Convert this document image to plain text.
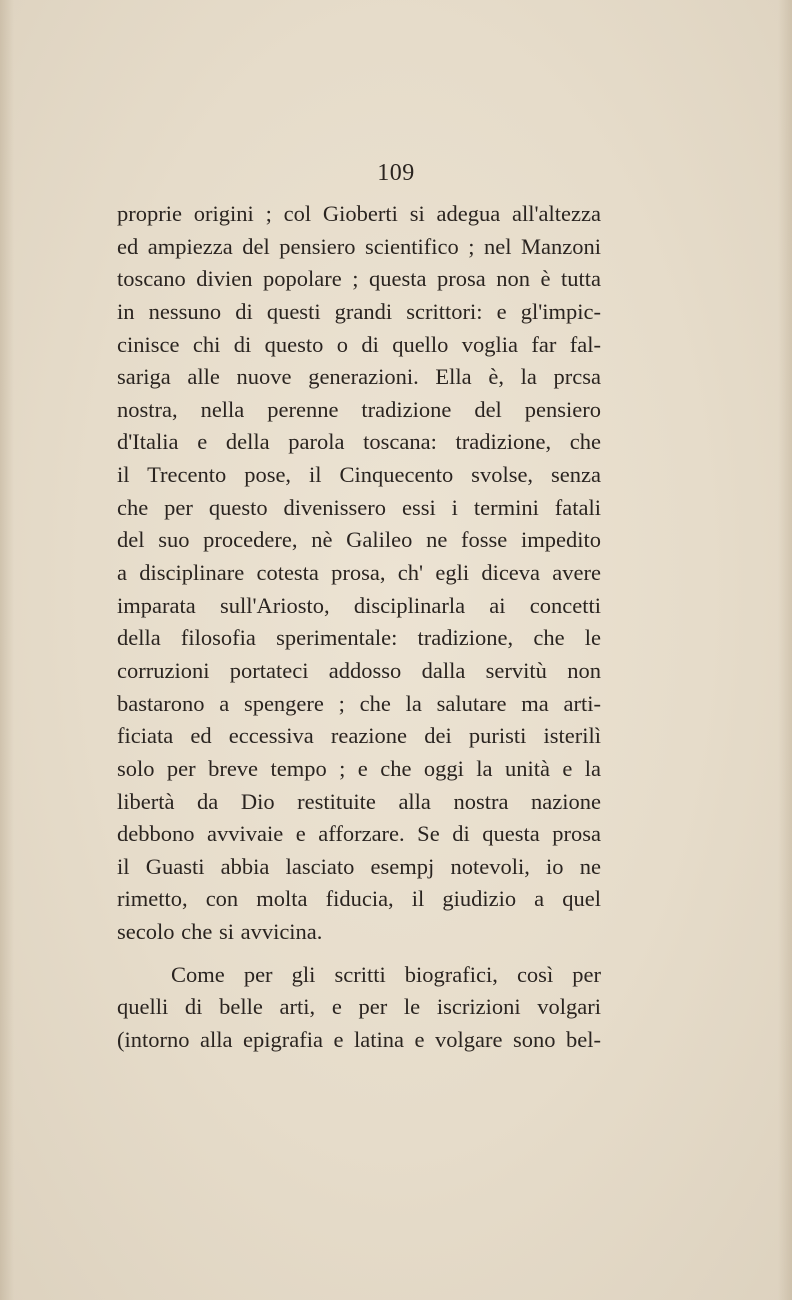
109
proprie origini ; col Gioberti si adegua all'altezza
ed ampiezza del pensiero scientifico ; nel Manzoni
toscano divien popolare ; questa prosa non è tutta
in nessuno di questi grandi scrittori: e gl'impic-
cinisce chi di questo o di quello voglia far fal-
sariga alle nuove generazioni. Ella è, la prcsa
nostra, nella perenne tradizione del pensiero
d'Italia e della parola toscana: tradizione, che
il Trecento pose, il Cinquecento svolse, senza
che per questo divenissero essi i termini fatali
del suo procedere, nè Galileo ne fosse impedito
a disciplinare cotesta prosa, ch' egli diceva avere
imparata sull'Ariosto, disciplinarla ai concetti
della filosofia sperimentale: tradizione, che le
corruzioni portateci addosso dalla servitù non
bastarono a spengere ; che la salutare ma arti-
ficiata ed eccessiva reazione dei puristi isterilì
solo per breve tempo ; e che oggi la unità e la
libertà da Dio restituite alla nostra nazione
debbono avvivaie e afforzare. Se di questa prosa
il Guasti abbia lasciato esempj notevoli, io ne
rimetto, con molta fiducia, il giudizio a quel
secolo che si avvicina.
Come per gli scritti biografici, così per
quelli di belle arti, e per le iscrizioni volgari
(intorno alla epigrafia e latina e volgare sono bel-
